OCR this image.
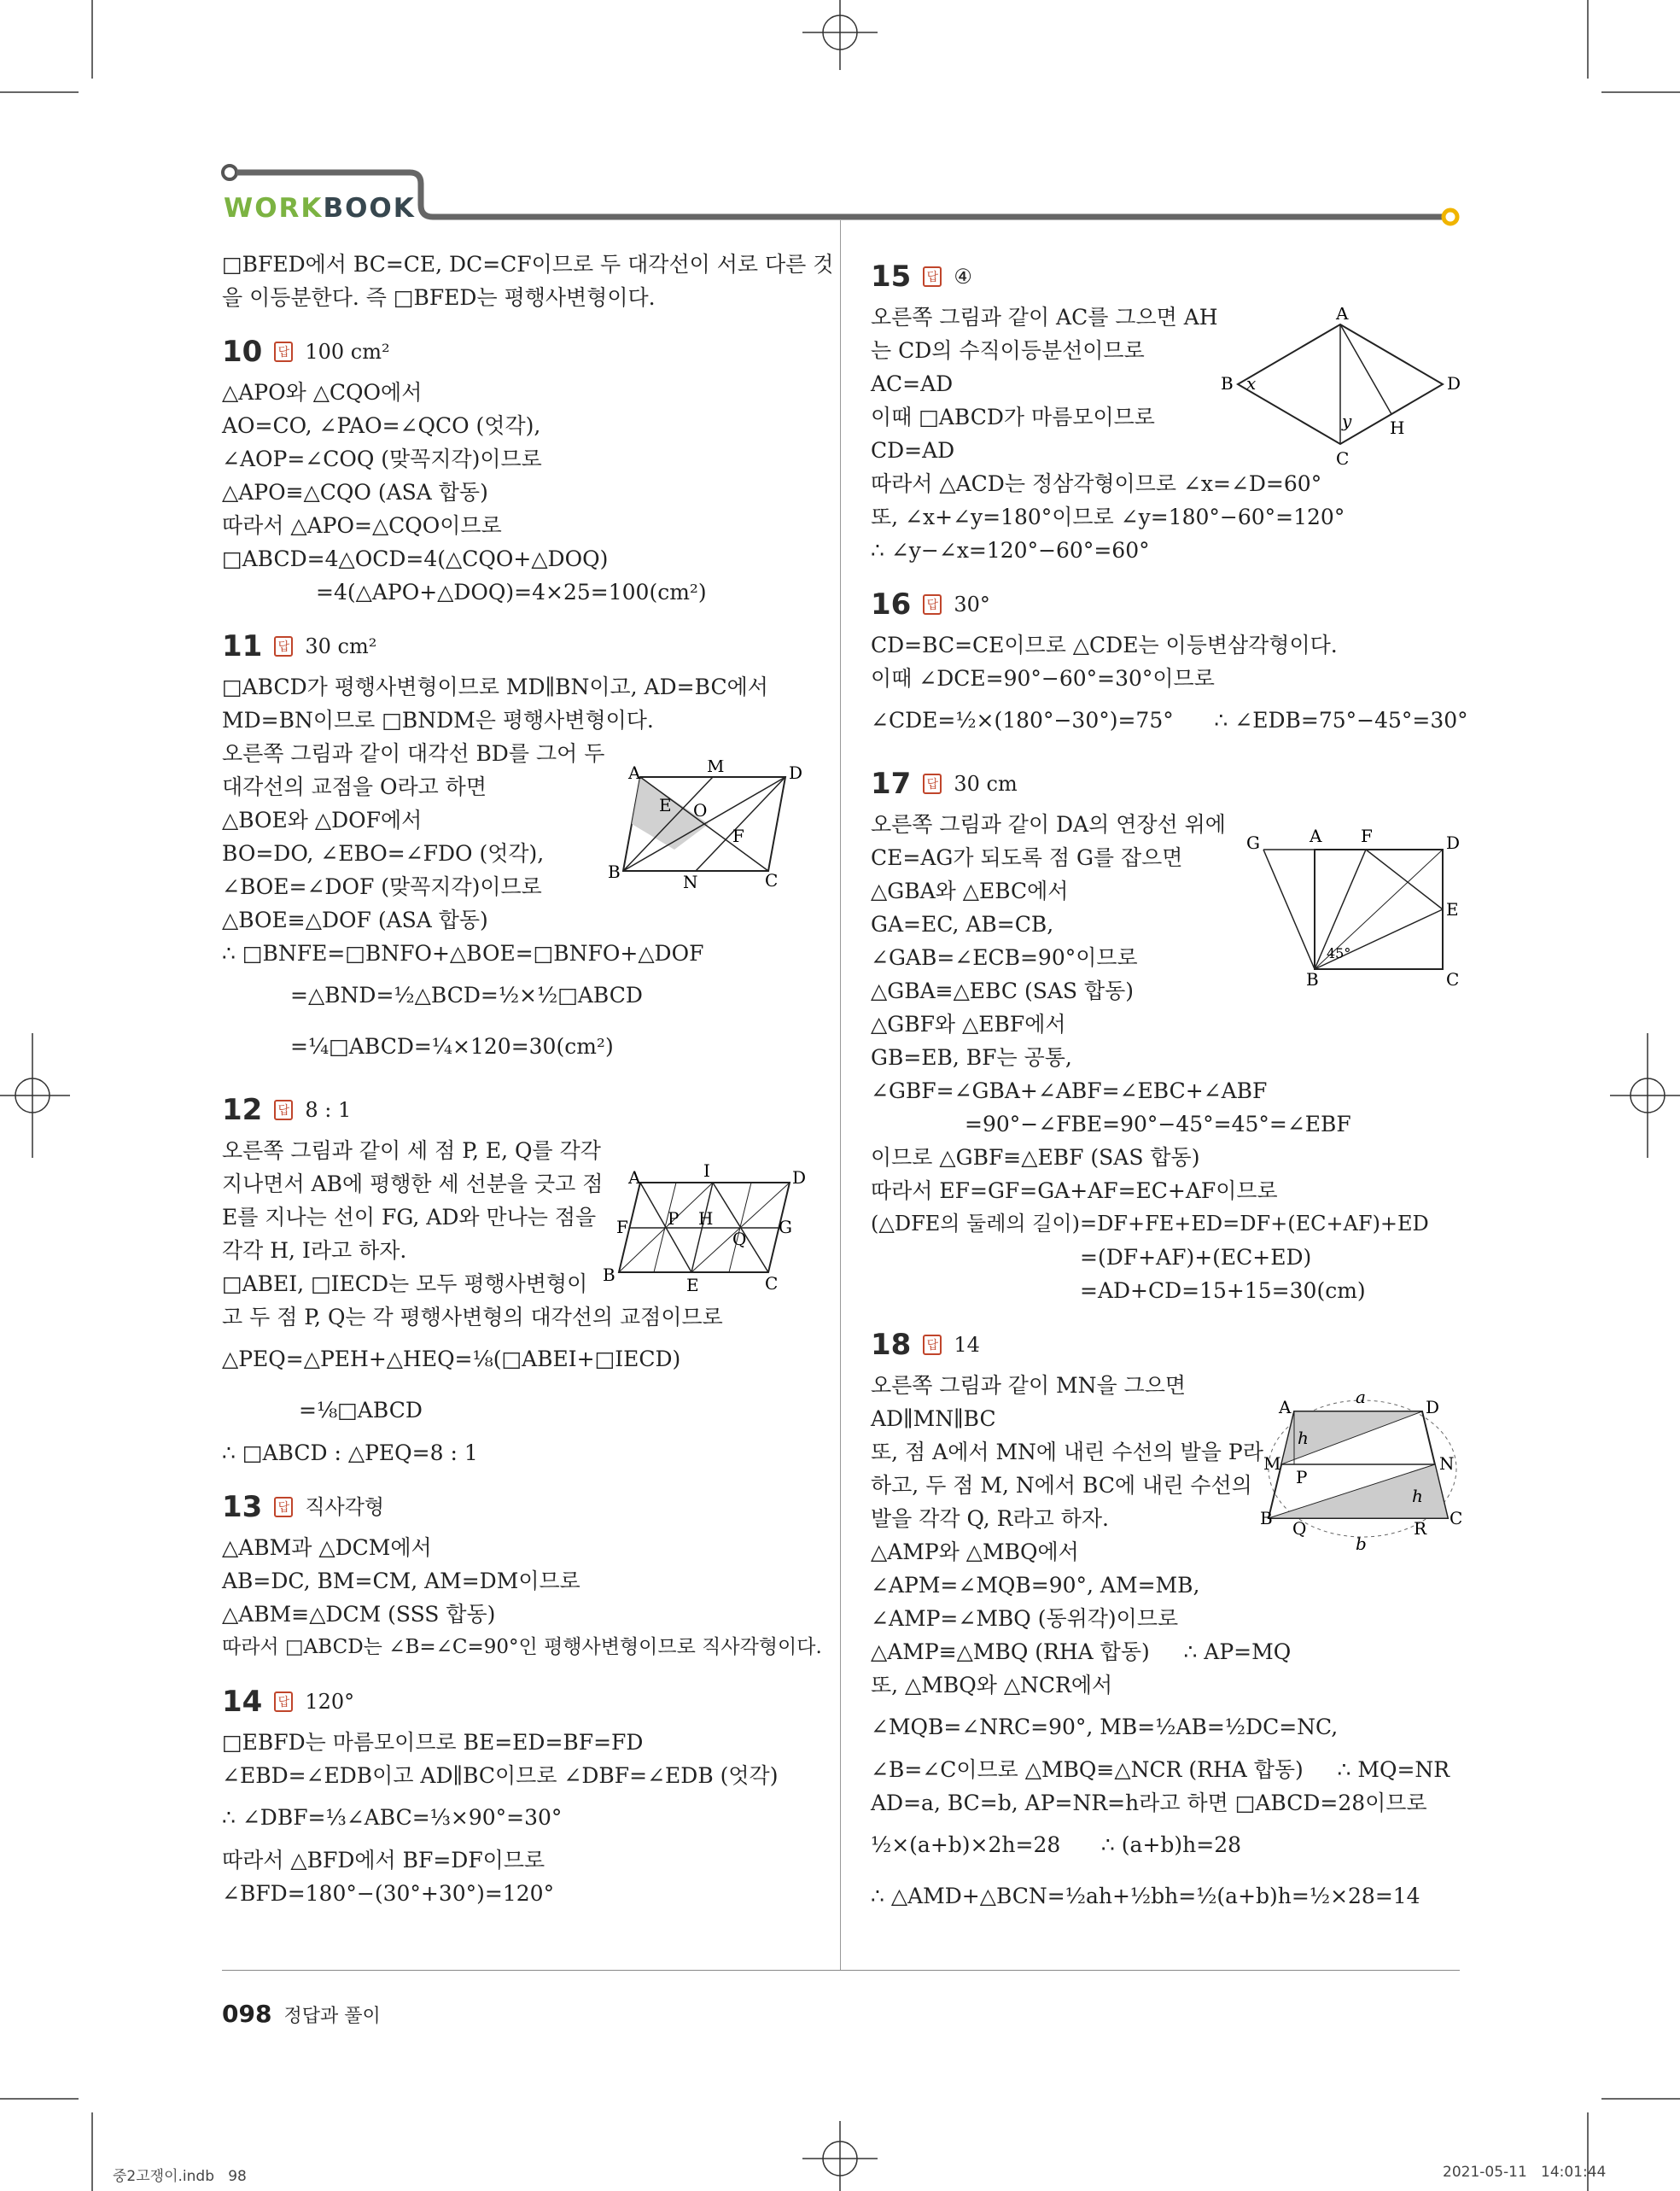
WORKBOOK
□BFED에서 BC=CE, DC=CF이므로 두 대각선이 서로 다른 것
을 이등분한다. 즉 □BFED는 평행사변형이다.
10	답 100 cm²
△APO와 △CQO에서
AO=CO, ∠PAO=∠QCO (엇각),
∠AOP=∠COQ (맞꼭지각)이므로
△APO≡△CQO (ASA 합동)
따라서 △APO=△CQO이므로
□ABCD=4△OCD=4(△CQO+△DOQ)
=4(△APO+△DOQ)=4×25=100(cm²)
11	답 30 cm²
□ABCD가 평행사변형이므로 MD∥BN이고, AD=BC에서
MD=BN이므로 □BNDM은 평행사변형이다.
오른쪽 그림과 같이 대각선 BD를 그어 두
대각선의 교점을 O라고 하면
△BOE와 △DOF에서
BO=DO, ∠EBO=∠FDO (엇각),
∠BOE=∠DOF (맞꼭지각)이므로
△BOE≡△DOF (ASA 합동)
∴ □BNFE=□BNFO+△BOE=□BNFO+△DOF
=△BND=½△BCD=½×½□ABCD
=¼□ABCD=¼×120=30(cm²)
12	답 8 : 1
오른쪽 그림과 같이 세 점 P, E, Q를 각각
지나면서 AB에 평행한 세 선분을 긋고 점
E를 지나는 선이 FG, AD와 만나는 점을
각각 H, I라고 하자.
□ABEI, □IECD는 모두 평행사변형이
고 두 점 P, Q는 각 평행사변형의 대각선의 교점이므로
△PEQ=△PEH+△HEQ=⅛(□ABEI+□IECD)
=⅛□ABCD
∴ □ABCD : △PEQ=8 : 1
13	답 직사각형
△ABM과 △DCM에서
AB=DC, BM=CM, AM=DM이므로
△ABM≡△DCM (SSS 합동)
따라서 □ABCD는 ∠B=∠C=90°인 평행사변형이므로 직사각형이다.
14	답 120°
□EBFD는 마름모이므로 BE=ED=BF=FD
∠EBD=∠EDB이고 AD∥BC이므로 ∠DBF=∠EDB (엇각)
∴ ∠DBF=⅓∠ABC=⅓×90°=30°
따라서 △BFD에서 BF=DF이므로
∠BFD=180°−(30°+30°)=120°
15	답 ④
오른쪽 그림과 같이 AC를 그으면 AH
는 CD의 수직이등분선이므로
AC=AD
이때 □ABCD가 마름모이므로
CD=AD
따라서 △ACD는 정삼각형이므로 ∠x=∠D=60°
또, ∠x+∠y=180°이므로 ∠y=180°−60°=120°
∴ ∠y−∠x=120°−60°=60°
16	답 30°
CD=BC=CE이므로 △CDE는 이등변삼각형이다.
이때 ∠DCE=90°−60°=30°이므로
∠CDE=½×(180°−30°)=75°      ∴ ∠EDB=75°−45°=30°
17	답 30 cm
오른쪽 그림과 같이 DA의 연장선 위에
CE=AG가 되도록 점 G를 잡으면
△GBA와 △EBC에서
GA=EC, AB=CB,
∠GAB=∠ECB=90°이므로
△GBA≡△EBC (SAS 합동)
△GBF와 △EBF에서
GB=EB, BF는 공통,
∠GBF=∠GBA+∠ABF=∠EBC+∠ABF
=90°−∠FBE=90°−45°=45°=∠EBF
이므로 △GBF≡△EBF (SAS 합동)
따라서 EF=GF=GA+AF=EC+AF이므로
(△DFE의 둘레의 길이)=DF+FE+ED=DF+(EC+AF)+ED
=(DF+AF)+(EC+ED)
=AD+CD=15+15=30(cm)
18	답 14
오른쪽 그림과 같이 MN을 그으면
AD∥MN∥BC
또, 점 A에서 MN에 내린 수선의 발을 P라
하고, 두 점 M, N에서 BC에 내린 수선의
발을 각각 Q, R라고 하자.
△AMP와 △MBQ에서
∠APM=∠MQB=90°, AM=MB,
∠AMP=∠MBQ (동위각)이므로
△AMP≡△MBQ (RHA 합동)     ∴ AP=MQ
또, △MBQ와 △NCR에서
∠MQB=∠NRC=90°, MB=½AB=½DC=NC,
∠B=∠C이므로 △MBQ≡△NCR (RHA 합동)     ∴ MQ=NR
AD=a, BC=b, AP=NR=h라고 하면 □ABCD=28이므로
½×(a+b)×2h=28      ∴ (a+b)h=28
∴ △AMD+△BCN=½ah+½bh=½(a+b)h=½×28=14
A	M	D
B	C
N
E O
F
A	I	D
F P H
Q
G
B	E	C
A
B	D
C
H
x
y
G	A F	D
E
B	C
45°
A	D
M	N
B	C
P
Q	R
a
b
h
h
098 정답과 풀이
중2고쟁이.indb   98	2021-05-11   14:01:44
